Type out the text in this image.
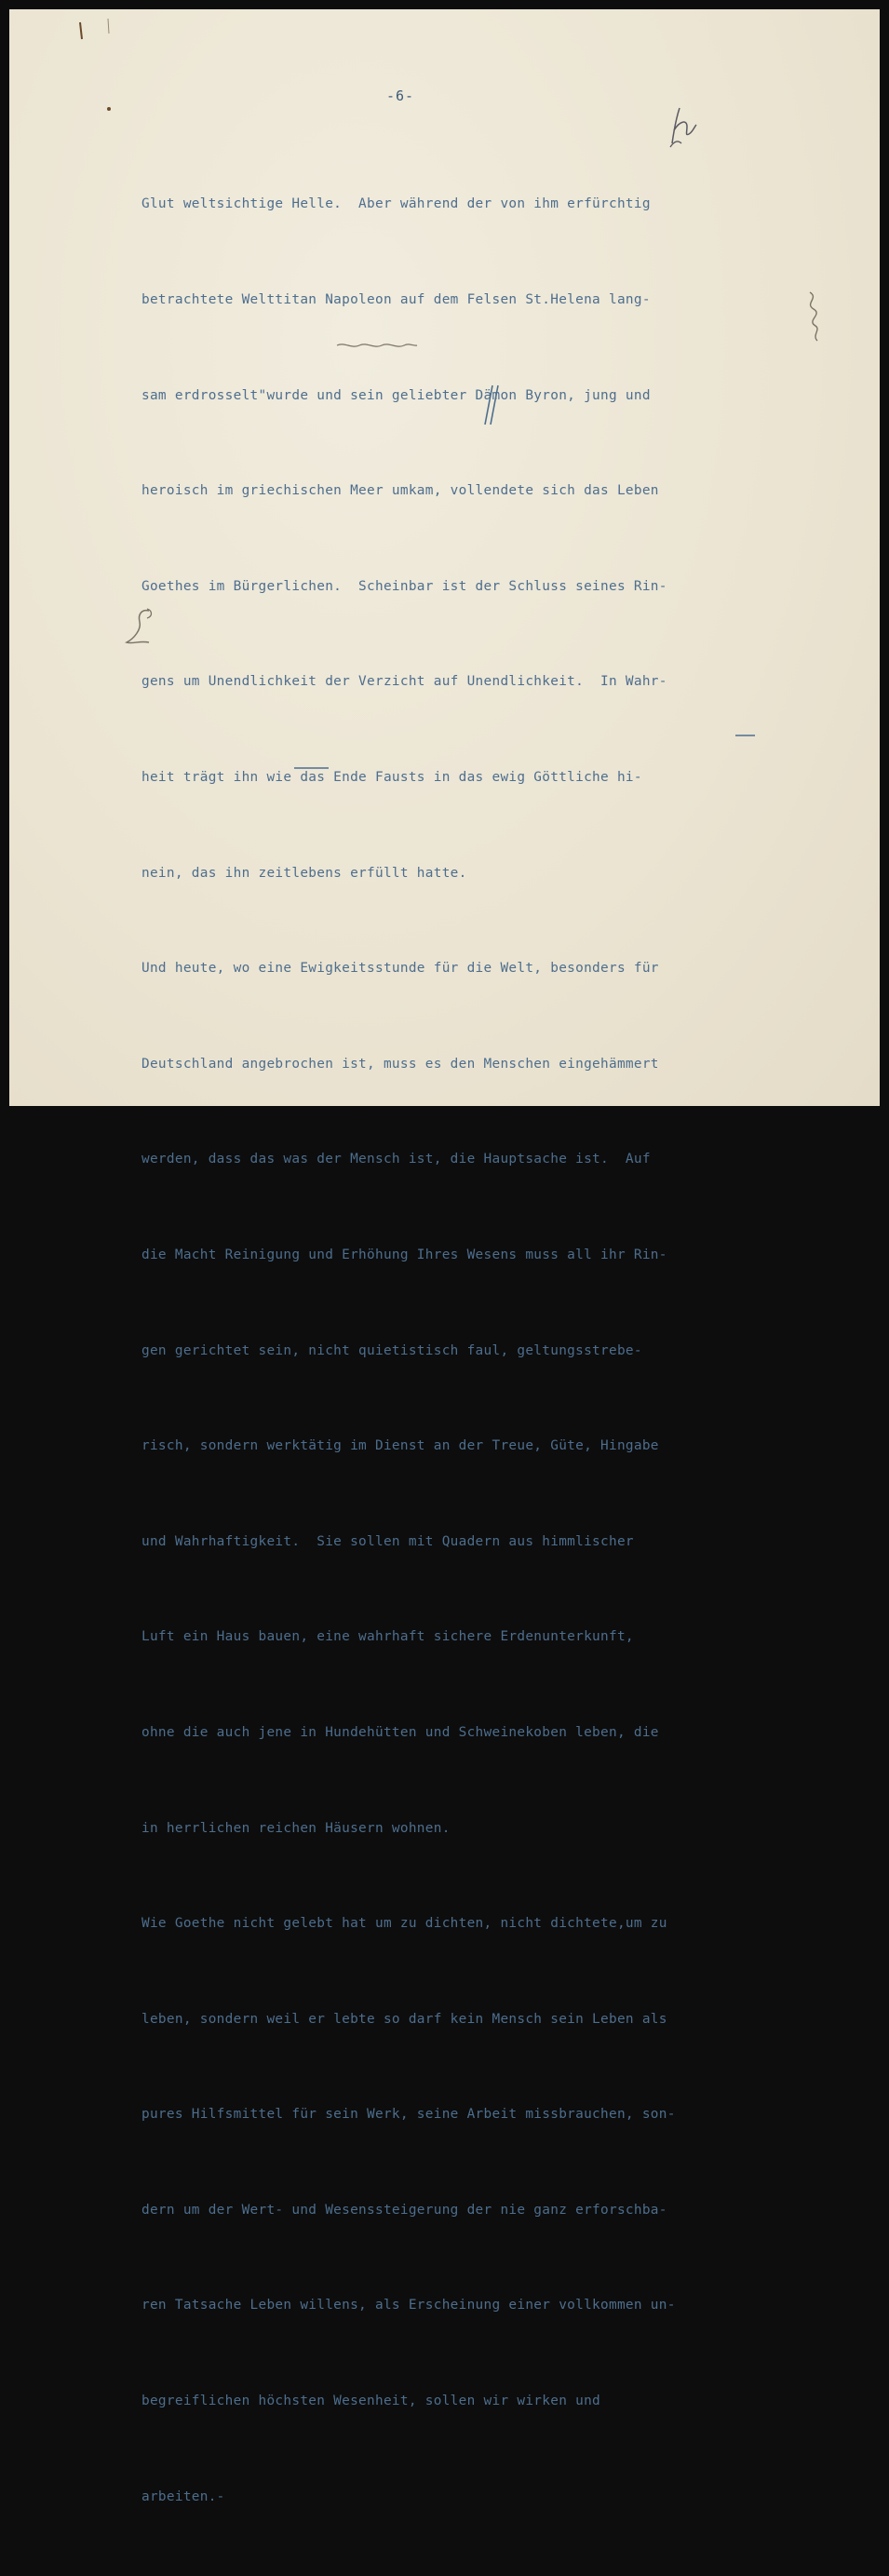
-6-

Glut weltsichtige Helle.  Aber während der von ihm erfürchtig

betrachtete Welttitan Napoleon auf dem Felsen St.Helena lang-

sam erdrosselt"wurde und sein geliebter Dämon Byron, jung und

heroisch im griechischen Meer umkam, vollendete sich das Leben

Goethes im Bürgerlichen.  Scheinbar ist der Schluss seines Rin-

gens um Unendlichkeit der Verzicht auf Unendlichkeit.  In Wahr-

heit trägt ihn wie das Ende Fausts in das ewig Göttliche hi-

nein, das ihn zeitlebens erfüllt hatte.

Und heute, wo eine Ewigkeitsstunde für die Welt, besonders für

Deutschland angebrochen ist, muss es den Menschen eingehämmert

werden, dass das was der Mensch ist, die Hauptsache ist.  Auf

die Macht Reinigung und Erhöhung Ihres Wesens muss all ihr Rin-

gen gerichtet sein, nicht quietistisch faul, geltungsstrebe-

risch, sondern werktätig im Dienst an der Treue, Güte, Hingabe

und Wahrhaftigkeit.  Sie sollen mit Quadern aus himmlischer

Luft ein Haus bauen, eine wahrhaft sichere Erdenunterkunft,

ohne die auch jene in Hundehütten und Schweinekoben leben, die

in herrlichen reichen Häusern wohnen.

Wie Goethe nicht gelebt hat um zu dichten, nicht dichtete,um zu

leben, sondern weil er lebte so darf kein Mensch sein Leben als

pures Hilfsmittel für sein Werk, seine Arbeit missbrauchen, son-

dern um der Wert- und Wesenssteigerung der nie ganz erforschba-

ren Tatsache Leben willens, als Erscheinung einer vollkommen un-

begreiflichen höchsten Wesenheit, sollen wir wirken und

arbeiten.-
